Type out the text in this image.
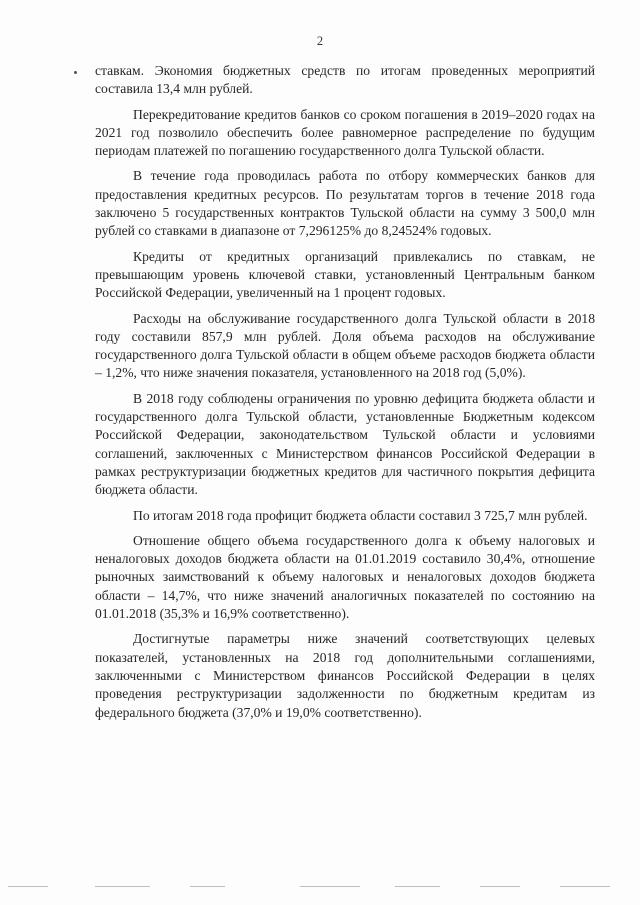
2

ставкам. Экономия бюджетных средств по итогам проведенных мероприятий составила 13,4 млн рублей.

Перекредитование кредитов банков со сроком погашения в 2019–2020 годах на 2021 год позволило обеспечить более равномерное распределение по будущим периодам платежей по погашению государственного долга Тульской области.

В течение года проводилась работа по отбору коммерческих банков для предоставления кредитных ресурсов. По результатам торгов в течение 2018 года заключено 5 государственных контрактов Тульской области на сумму 3 500,0 млн рублей со ставками в диапазоне от 7,296125% до 8,24524% годовых.

Кредиты от кредитных организаций привлекались по ставкам, не превышающим уровень ключевой ставки, установленный Центральным банком Российской Федерации, увеличенный на 1 процент годовых.

Расходы на обслуживание государственного долга Тульской области в 2018 году составили 857,9 млн рублей. Доля объема расходов на обслуживание государственного долга Тульской области в общем объеме расходов бюджета области – 1,2%, что ниже значения показателя, установленного на 2018 год (5,0%).

В 2018 году соблюдены ограничения по уровню дефицита бюджета области и государственного долга Тульской области, установленные Бюджетным кодексом Российской Федерации, законодательством Тульской области и условиями соглашений, заключенных с Министерством финансов Российской Федерации в рамках реструктуризации бюджетных кредитов для частичного покрытия дефицита бюджета области.

По итогам 2018 года профицит бюджета области составил 3 725,7 млн рублей.

Отношение общего объема государственного долга к объему налоговых и неналоговых доходов бюджета области на 01.01.2019 составило 30,4%, отношение рыночных заимствований к объему налоговых и неналоговых доходов бюджета области – 14,7%, что ниже значений аналогичных показателей по состоянию на 01.01.2018 (35,3% и 16,9% соответственно).

Достигнутые параметры ниже значений соответствующих целевых показателей, установленных на 2018 год дополнительными соглашениями, заключенными с Министерством финансов Российской Федерации в целях проведения реструктуризации задолженности по бюджетным кредитам из федерального бюджета (37,0% и 19,0% соответственно).
